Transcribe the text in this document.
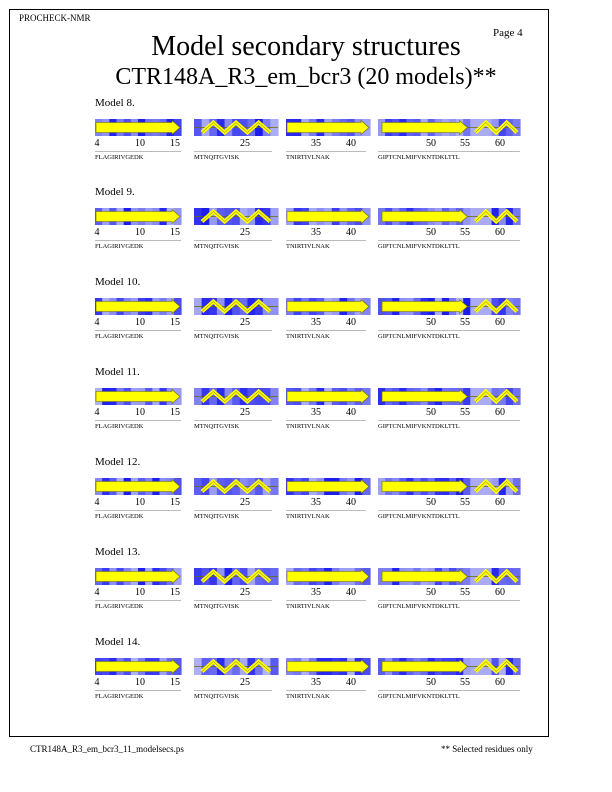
PROCHECK-NMR
Page 4
Model secondary structures
CTR148A_R3_em_bcr3 (20 models)**
Model 8.
4	10	15
FLAGIRIVGEDK
25
MTNQITGVISK
35	40
TNIRTIVLNAK
50 55	60
GIPTCNLMIFVKNTDKLTTL
Model 9.
4	10	15
FLAGIRIVGEDK
25
MTNQITGVISK
35	40
TNIRTIVLNAK
50 55	60
GIPTCNLMIFVKNTDKLTTL
Model 10.
4	10	15
FLAGIRIVGEDK
25
MTNQITGVISK
35	40
TNIRTIVLNAK
50 55	60
GIPTCNLMIFVKNTDKLTTL
Model 11.
4	10	15
FLAGIRIVGEDK
25
MTNQITGVISK
35	40
TNIRTIVLNAK
50 55	60
GIPTCNLMIFVKNTDKLTTL
Model 12.
4	10	15
FLAGIRIVGEDK
25
MTNQITGVISK
35	40
TNIRTIVLNAK
50 55	60
GIPTCNLMIFVKNTDKLTTL
Model 13.
4	10	15
FLAGIRIVGEDK
25
MTNQITGVISK
35	40
TNIRTIVLNAK
50 55	60
GIPTCNLMIFVKNTDKLTTL
Model 14.
4	10	15
FLAGIRIVGEDK
25
MTNQITGVISK
35	40
TNIRTIVLNAK
50 55	60
GIPTCNLMIFVKNTDKLTTL
CTR148A_R3_em_bcr3_11_modelsecs.ps	** Selected residues only
